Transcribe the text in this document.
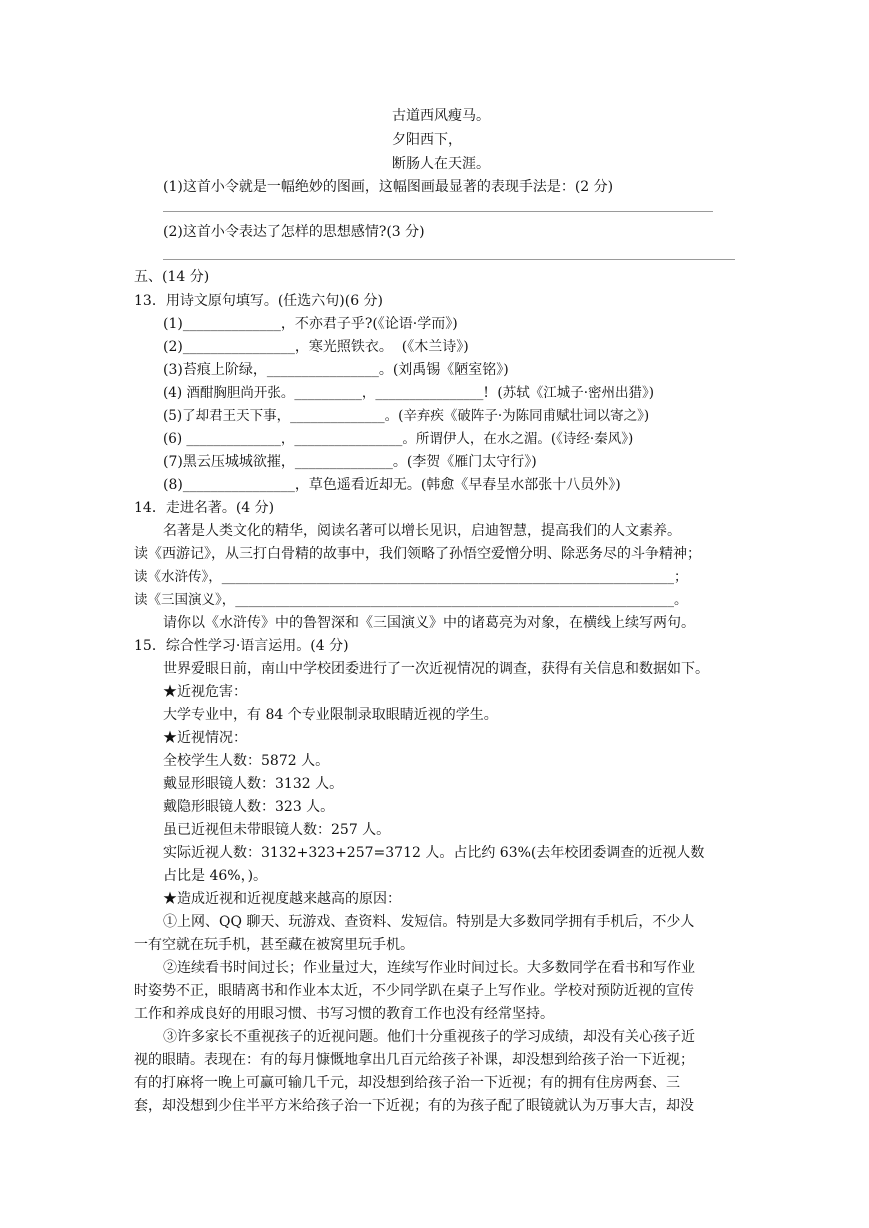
古道西风瘦马。
夕阳西下，
断肠人在天涯。
(1)这首小令就是一幅绝妙的图画，这幅图画最显著的表现手法是：(2 分)
(2)这首小令表达了怎样的思想感情?(3 分)
五、(14 分)
13．用诗文原句填写。(任选六句)(6 分)
(1)______________，不亦君子乎?(《论语·学而》)
(2)________________，寒光照铁衣。  (《木兰诗》)
(3)苔痕上阶绿，________________。(刘禹锡《陋室铭》)
(4) 酒酣胸胆尚开张。__________，________________!  (苏轼《江城子·密州出猎》)
(5)了却君王天下事，______________。(辛弃疾《破阵子·为陈同甫赋壮词以寄之》)
(6) ______________，________________。所谓伊人，在水之湄。(《诗经·秦风》)
(7)黑云压城城欲摧，______________。(李贺《雁门太守行》)
(8)________________，草色遥看近却无。(韩愈《早春呈水部张十八员外》)
14．走进名著。(4 分)
名著是人类文化的精华，阅读名著可以增长见识，启迪智慧，提高我们的人文素养。
读《西游记》，从三打白骨精的故事中，我们领略了孙悟空爱憎分明、除恶务尽的斗争精神；
读《水浒传》，___________________________________________________________________；
读《三国演义》，_________________________________________________________________。
请你以《水浒传》中的鲁智深和《三国演义》中的诸葛亮为对象，在横线上续写两句。
15．综合性学习·语言运用。(4 分)
世界爱眼日前，南山中学校团委进行了一次近视情况的调查，获得有关信息和数据如下。
★近视危害：
大学专业中，有 84 个专业限制录取眼睛近视的学生。
★近视情况：
全校学生人数：5872 人。
戴显形眼镜人数：3132 人。
戴隐形眼镜人数：323 人。
虽已近视但未带眼镜人数：257 人。
实际近视人数：3132+323+257=3712 人。占比约 63%(去年校团委调查的近视人数
占比是 46%，)。
★造成近视和近视度越来越高的原因：
①上网、QQ 聊天、玩游戏、查资料、发短信。特别是大多数同学拥有手机后，不少人
一有空就在玩手机，甚至藏在被窝里玩手机。
②连续看书时间过长；作业量过大，连续写作业时间过长。大多数同学在看书和写作业
时姿势不正，眼睛离书和作业本太近，不少同学趴在桌子上写作业。学校对预防近视的宣传
工作和养成良好的用眼习惯、书写习惯的教育工作也没有经常坚持。
③许多家长不重视孩子的近视问题。他们十分重视孩子的学习成绩，却没有关心孩子近
视的眼睛。表现在：有的每月慷慨地拿出几百元给孩子补课，却没想到给孩子治一下近视；
有的打麻将一晚上可赢可输几千元，却没想到给孩子治一下近视；有的拥有住房两套、三
套，却没想到少住半平方米给孩子治一下近视；有的为孩子配了眼镜就认为万事大吉，却没
